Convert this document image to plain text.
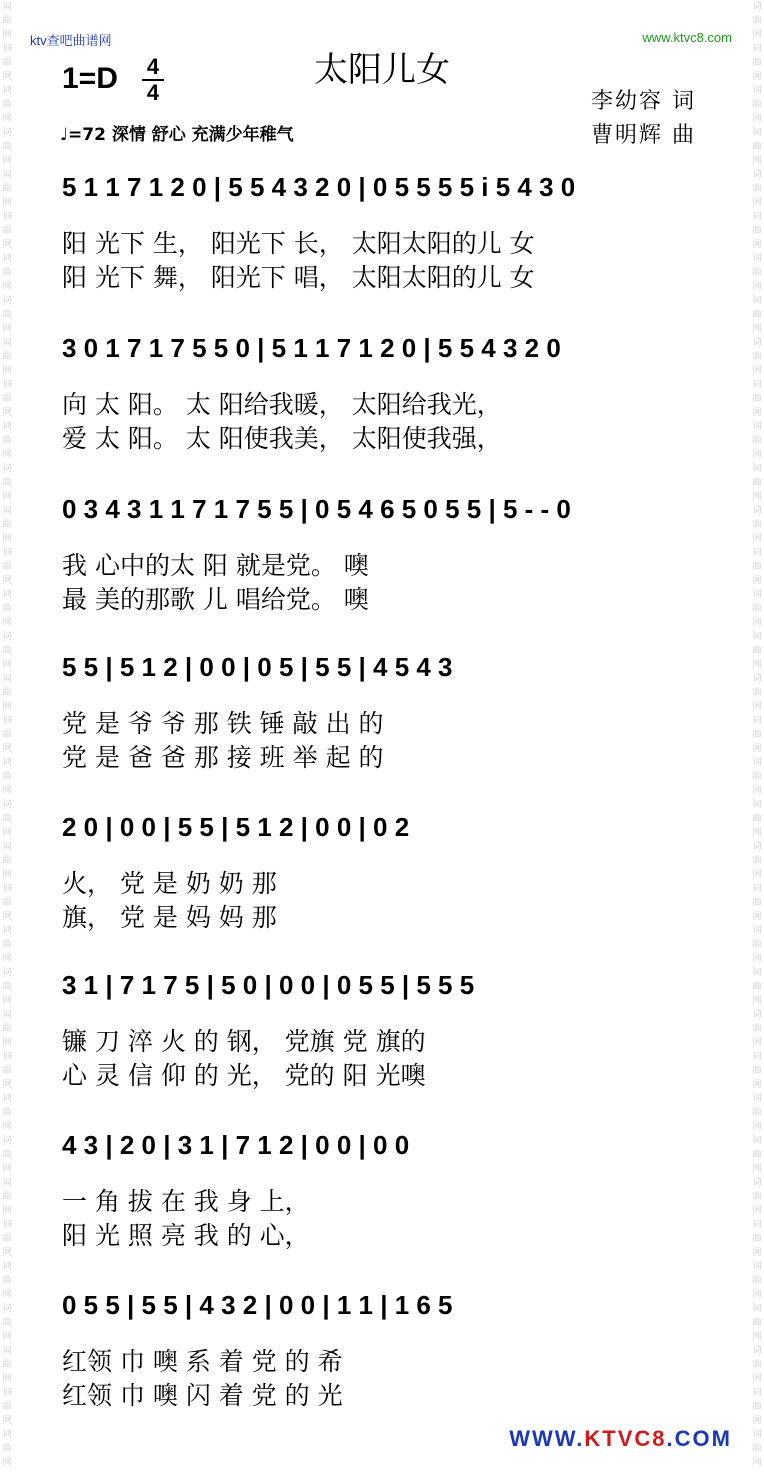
词
曲
网
词
曲
网
词
曲
网
词
曲
网
词
曲
网
词
曲
网
词
曲
网
词
曲
网
词
曲
网
词
曲
网
词
曲
网
词
曲
网
词
曲
网
词
曲
网
词
曲
网
词
曲
网
词
曲
网
词
曲
网
词
曲
网
词
曲
网
词
曲
网
词
曲
网
词
曲
网
词
曲
网
词
曲
网
词
曲
网
词
曲
网
词
曲
网
词
曲
网
词
曲
网
词
曲
网
词
曲
网
词
曲
网
词
曲
网
词
曲
网
词
曲
网
词
曲
网
词
曲
网
词
曲
网
词
曲
网
词
曲
网
词
曲
网
词
曲
网
词
曲
网
词
曲
网
词
曲
网
词
曲
网
词
曲
网
词
曲
网
词
曲
网
词
曲
网
词
曲
网
词
曲
网
词
曲
网
词
曲
网
词
曲
网
词
曲
网
词
曲
网
词
曲
网
词
曲
网
词
曲
网
词
曲
网
词
曲
网
词
曲
网
词
曲
网
词
曲
网
词
曲
网
词
曲
网
词
曲
网
词
曲
网
ktv查吧曲谱网	www.ktvc8.com
太阳儿女
1=D 4
4
♩=72 深情 舒心 充满少年稚气
李幼容 词
曹明辉 曲
5 1 1 7 1 2 0 | 5 5 4 3 2 0 | 0 5 5 5 5 i 5 4 3 0
阳 光下 生， 阳光下 长， 太阳太阳的儿 女
阳 光下 舞， 阳光下 唱， 太阳太阳的儿 女
3 0 1 7 1 7 5 5 0 | 5 1 1 7 1 2 0 | 5 5 4 3 2 0
向 太 阳。 太 阳给我暖， 太阳给我光，
爱 太 阳。 太 阳使我美， 太阳使我强，
0 3 4 3 1 1 7 1 7 5 5 | 0 5 4 6 5 0 5 5 | 5 - - 0
我 心中的太 阳 就是党。 噢
最 美的那歌 儿 唱给党。 噢
5 5 | 5 1 2 | 0 0 | 0 5 | 5 5 | 4 5 4 3
党 是 爷 爷 那 铁 锤 敲 出 的
党 是 爸 爸 那 接 班 举 起 的
2 0 | 0 0 | 5 5 | 5 1 2 | 0 0 | 0 2
火， 党 是 奶 奶 那
旗， 党 是 妈 妈 那
3 1 | 7 1 7 5 | 5 0 | 0 0 | 0 5 5 | 5 5 5
镰 刀 淬 火 的 钢， 党旗 党 旗的
心 灵 信 仰 的 光， 党的 阳 光噢
4 3 | 2 0 | 3 1 | 7 1 2 | 0 0 | 0 0
一 角 拔 在 我 身 上，
阳 光 照 亮 我 的 心，
0 5 5 | 5 5 | 4 3 2 | 0 0 | 1 1 | 1 6 5
红领 巾 噢 系 着 党 的 希
红领 巾 噢 闪 着 党 的 光
WWW.KTVC8.COM
